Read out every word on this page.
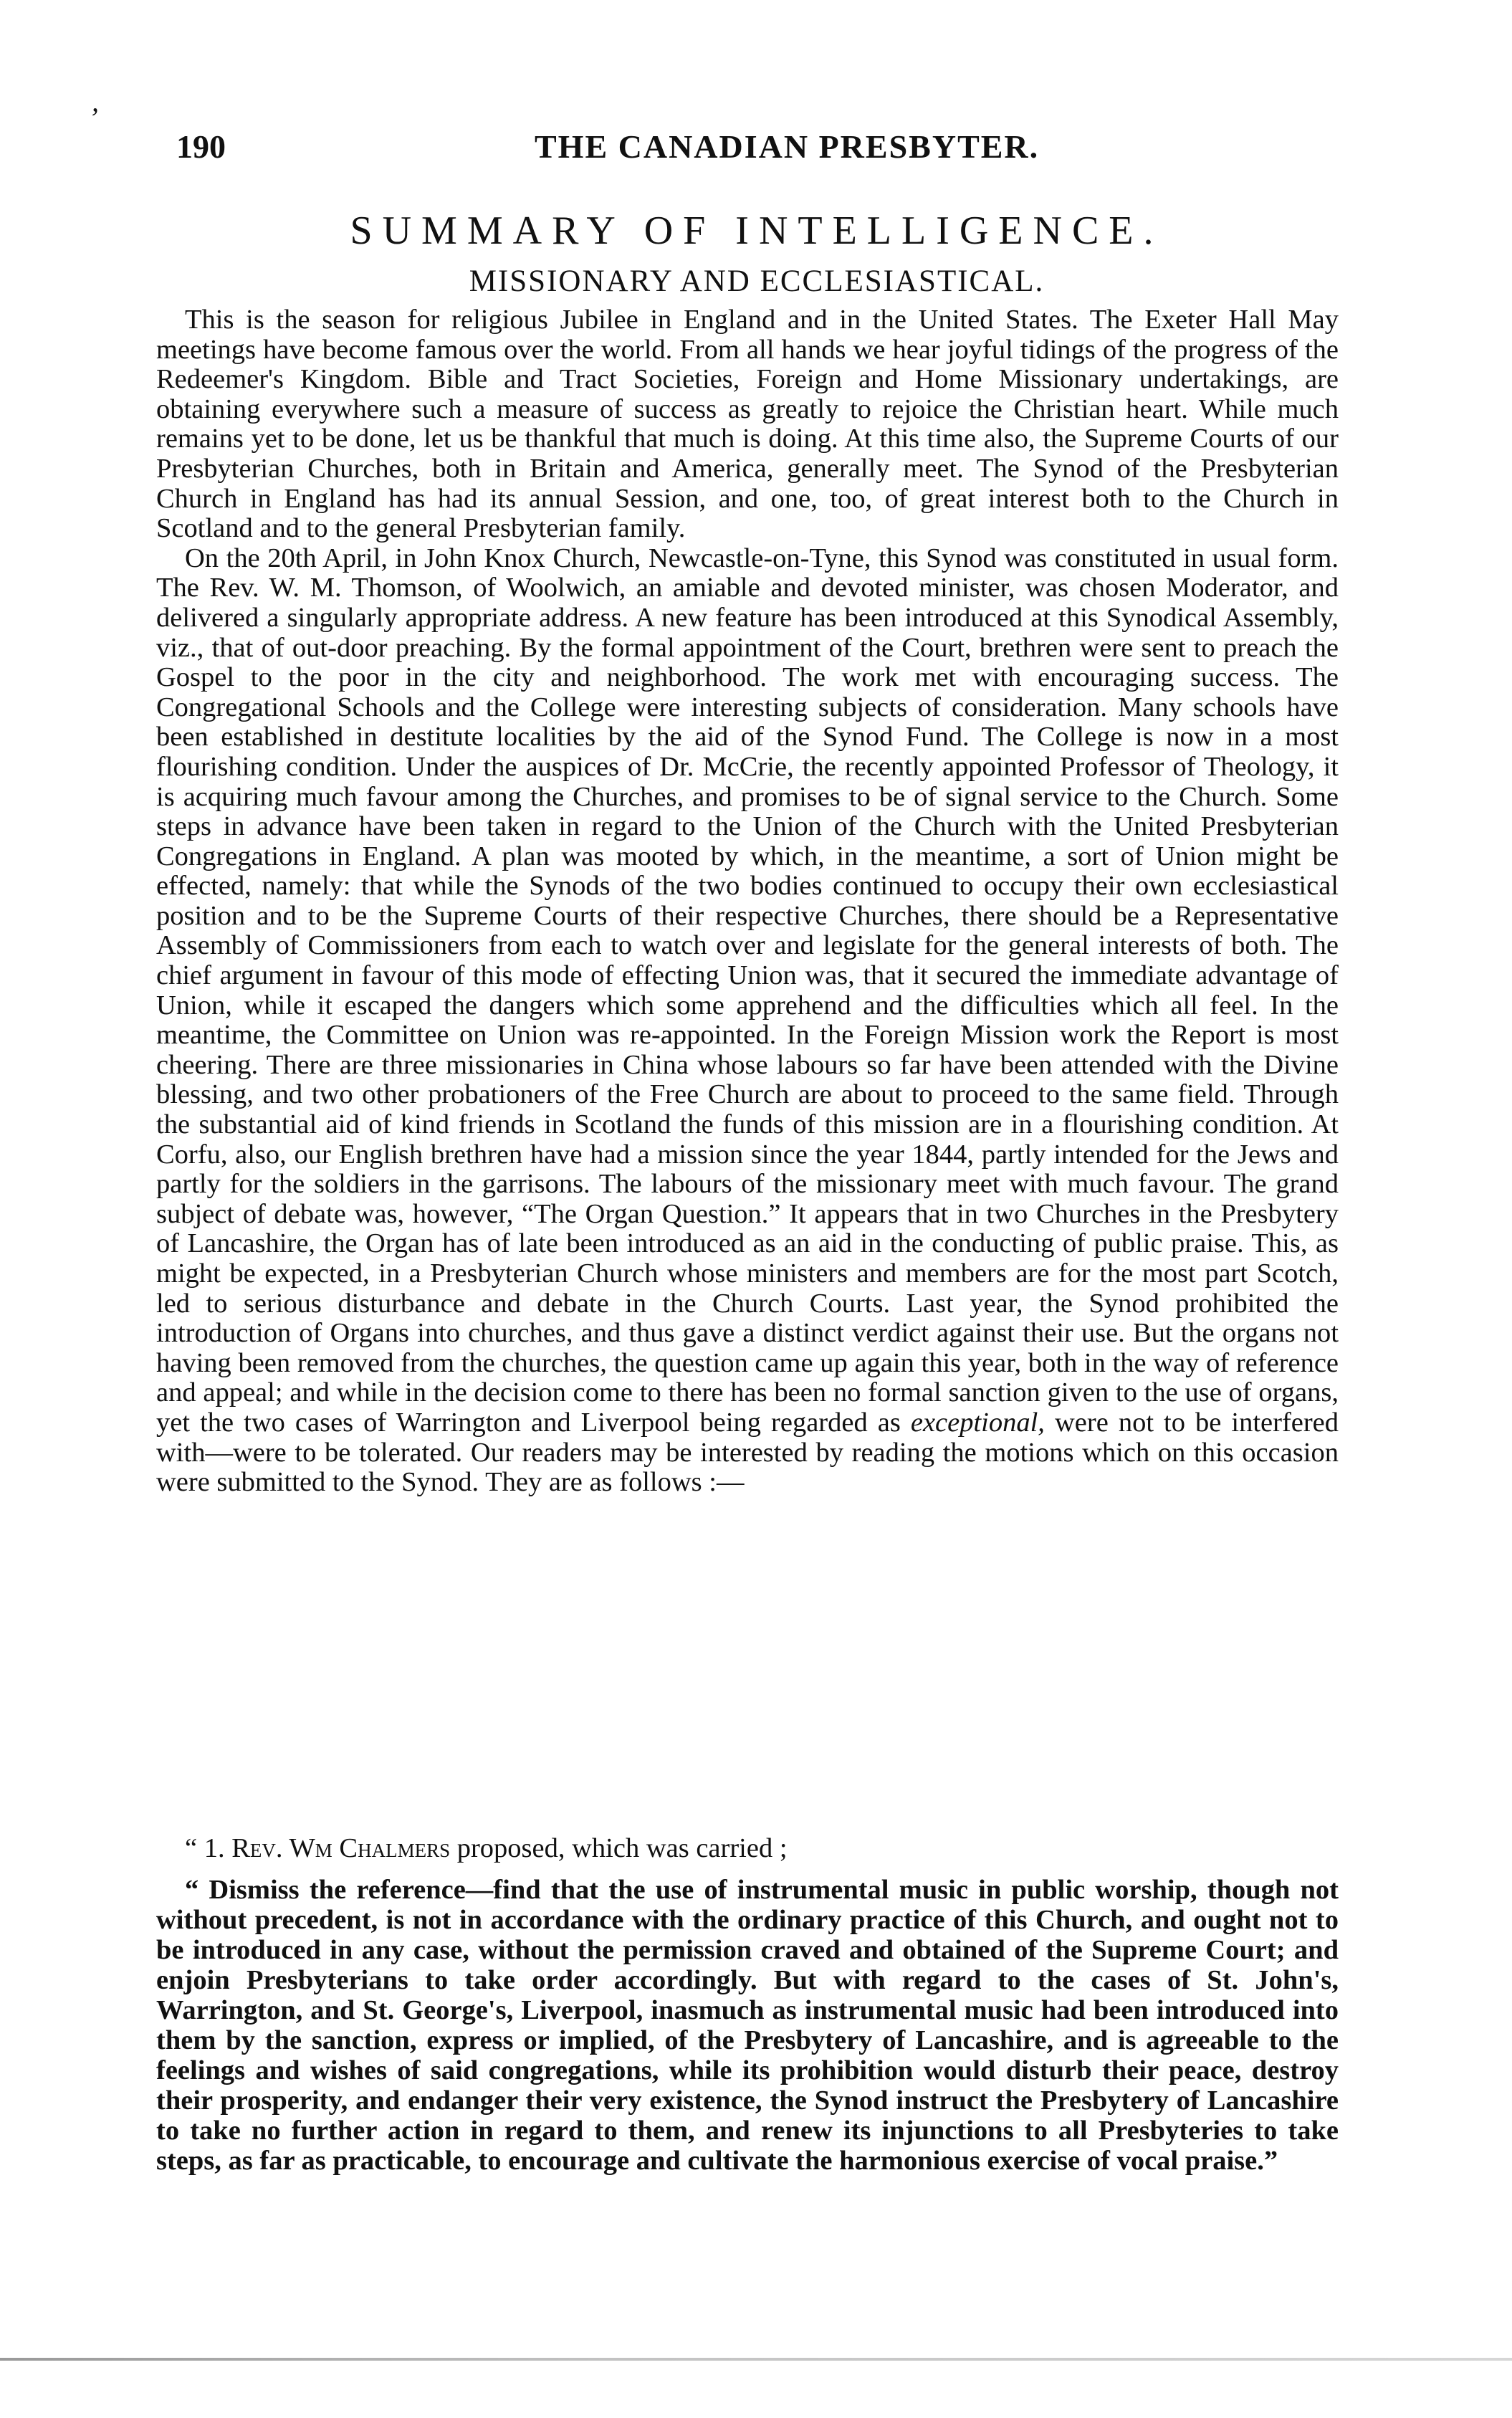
,
190	THE CANADIAN PRESBYTER.
SUMMARY OF INTELLIGENCE.
MISSIONARY AND ECCLESIASTICAL.

This is the season for religious Jubilee in England and in the United States. The Exeter Hall May meetings have become famous over the world. From all hands we hear joyful tidings of the progress of the Redeemer's Kingdom. Bible and Tract Societies, Foreign and Home Missionary undertakings, are obtaining everywhere such a measure of success as greatly to rejoice the Christian heart. While much remains yet to be done, let us be thankful that much is doing. At this time also, the Supreme Courts of our Presbyterian Churches, both in Britain and America, generally meet. The Synod of the Presbyterian Church in England has had its annual Session, and one, too, of great interest both to the Church in Scotland and to the general Presbyterian family.

On the 20th April, in John Knox Church, Newcastle-on-Tyne, this Synod was constituted in usual form. The Rev. W. M. Thomson, of Woolwich, an amiable and devoted minister, was chosen Moderator, and delivered a singularly appropriate address. A new feature has been introduced at this Synodical Assembly, viz., that of out-door preaching. By the formal appointment of the Court, brethren were sent to preach the Gospel to the poor in the city and neighborhood. The work met with encouraging success. The Congregational Schools and the College were interesting subjects of consideration. Many schools have been established in destitute localities by the aid of the Synod Fund. The College is now in a most flourishing condition. Under the auspices of Dr. McCrie, the recently appointed Professor of Theology, it is acquiring much favour among the Churches, and promises to be of signal service to the Church. Some steps in advance have been taken in regard to the Union of the Church with the United Presbyterian Congregations in England. A plan was mooted by which, in the meantime, a sort of Union might be effected, namely: that while the Synods of the two bodies continued to occupy their own ecclesiastical position and to be the Supreme Courts of their respective Churches, there should be a Representative Assembly of Commissioners from each to watch over and legislate for the general interests of both. The chief argument in favour of this mode of effecting Union was, that it secured the immediate advantage of Union, while it escaped the dangers which some apprehend and the difficulties which all feel. In the meantime, the Committee on Union was re-appointed. In the Foreign Mission work the Report is most cheering. There are three missionaries in China whose labours so far have been attended with the Divine blessing, and two other probationers of the Free Church are about to proceed to the same field. Through the substantial aid of kind friends in Scotland the funds of this mission are in a flourishing condition. At Corfu, also, our English brethren have had a mission since the year 1844, partly intended for the Jews and partly for the soldiers in the garrisons. The labours of the missionary meet with much favour. The grand subject of debate was, however, “The Organ Question.” It appears that in two Churches in the Presbytery of Lancashire, the Organ has of late been introduced as an aid in the conducting of public praise. This, as might be expected, in a Presbyterian Church whose ministers and members are for the most part Scotch, led to serious disturbance and debate in the Church Courts. Last year, the Synod prohibited the introduction of Organs into churches, and thus gave a distinct verdict against their use. But the organs not having been removed from the churches, the question came up again this year, both in the way of reference and appeal; and while in the decision come to there has been no formal sanction given to the use of organs, yet the two cases of Warrington and Liverpool being regarded as exceptional, were not to be interfered with—were to be tolerated. Our readers may be interested by reading the motions which on this occasion were submitted to the Synod. They are as follows :—

“ 1. Rev. Wm Chalmers proposed, which was carried ;

“ Dismiss the reference—find that the use of instrumental music in public worship, though not without precedent, is not in accordance with the ordinary practice of this Church, and ought not to be introduced in any case, without the permission craved and obtained of the Supreme Court; and enjoin Presbyterians to take order accordingly. But with regard to the cases of St. John's, Warrington, and St. George's, Liverpool, inasmuch as instrumental music had been introduced into them by the sanction, express or implied, of the Presbytery of Lancashire, and is agreeable to the feelings and wishes of said congregations, while its prohibition would disturb their peace, destroy their prosperity, and endanger their very existence, the Synod instruct the Presbytery of Lancashire to take no further action in regard to them, and renew its injunctions to all Presbyteries to take steps, as far as practicable, to encourage and cultivate the harmonious exercise of vocal praise.”
